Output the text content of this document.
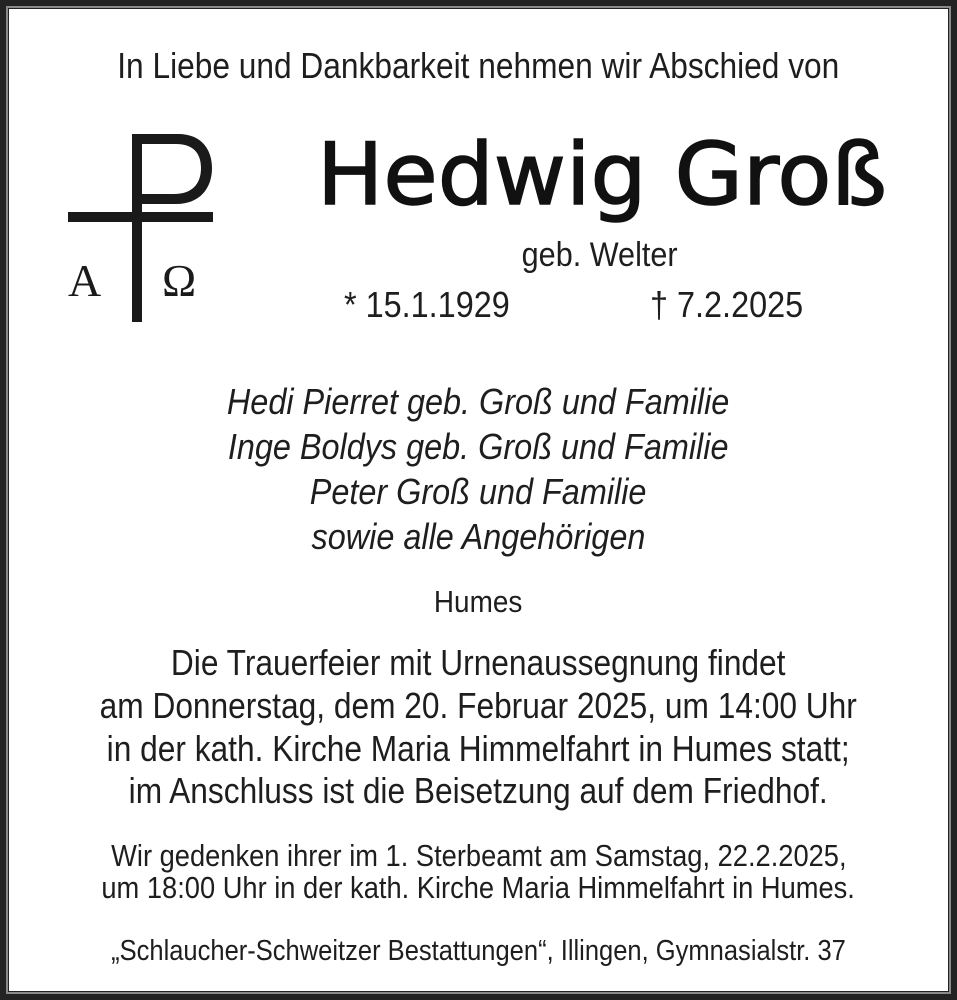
In Liebe und Dankbarkeit nehmen wir Abschied von
A Ω
Hedwig Groß
geb. Welter
* 15.1.1929	† 7.2.2025
Hedi Pierret geb. Groß und Familie
Inge Boldys geb. Groß und Familie
Peter Groß und Familie
sowie alle Angehörigen
Humes
Die Trauerfeier mit Urnenaussegnung findet
am Donnerstag, dem 20. Februar 2025, um 14:00 Uhr
in der kath. Kirche Maria Himmelfahrt in Humes statt;
im Anschluss ist die Beisetzung auf dem Friedhof.
Wir gedenken ihrer im 1. Sterbeamt am Samstag, 22.2.2025,
um 18:00 Uhr in der kath. Kirche Maria Himmelfahrt in Humes.
„Schlaucher-Schweitzer Bestattungen“, Illingen, Gymnasialstr. 37
